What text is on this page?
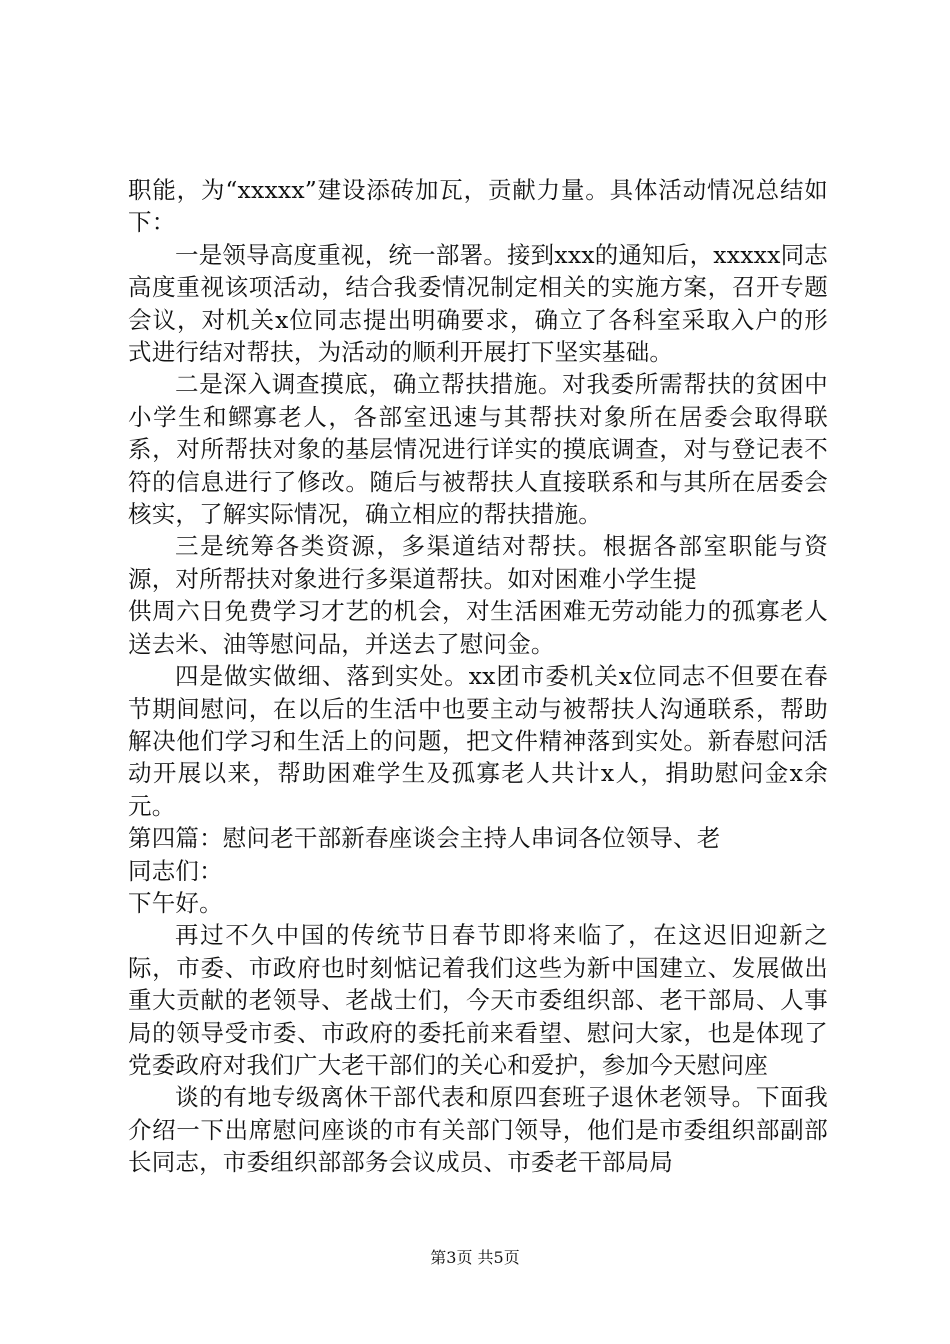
职能，为“xxxxx”建设添砖加瓦，贡献力量。具体活动情况总结如下：

一是领导高度重视，统一部署。接到xxx的通知后，xxxxx同志高度重视该项活动，结合我委情况制定相关的实施方案，召开专题会议，对机关x位同志提出明确要求，确立了各科室采取入户的形式进行结对帮扶，为活动的顺利开展打下坚实基础。

二是深入调查摸底，确立帮扶措施。对我委所需帮扶的贫困中小学生和鳏寡老人，各部室迅速与其帮扶对象所在居委会取得联系，对所帮扶对象的基层情况进行详实的摸底调查，对与登记表不符的信息进行了修改。随后与被帮扶人直接联系和与其所在居委会核实，了解实际情况，确立相应的帮扶措施。

三是统筹各类资源，多渠道结对帮扶。根据各部室职能与资源，对所帮扶对象进行多渠道帮扶。如对困难小学生提

供周六日免费学习才艺的机会，对生活困难无劳动能力的孤寡老人送去米、油等慰问品，并送去了慰问金。

四是做实做细、落到实处。xx团市委机关x位同志不但要在春节期间慰问，在以后的生活中也要主动与被帮扶人沟通联系，帮助解决他们学习和生活上的问题，把文件精神落到实处。新春慰问活动开展以来，帮助困难学生及孤寡老人共计x人，捐助慰问金x余元。

第四篇：慰问老干部新春座谈会主持人串词各位领导、老

同志们：

下午好。

再过不久中国的传统节日春节即将来临了，在这迟旧迎新之际，市委、市政府也时刻惦记着我们这些为新中国建立、发展做出重大贡献的老领导、老战士们，今天市委组织部、老干部局、人事局的领导受市委、市政府的委托前来看望、慰问大家，也是体现了党委政府对我们广大老干部们的关心和爱护，参加今天慰问座

谈的有地专级离休干部代表和原四套班子退休老领导。下面我介绍一下出席慰问座谈的市有关部门领导，他们是市委组织部副部长同志，市委组织部部务会议成员、市委老干部局局

第3页 共5页
